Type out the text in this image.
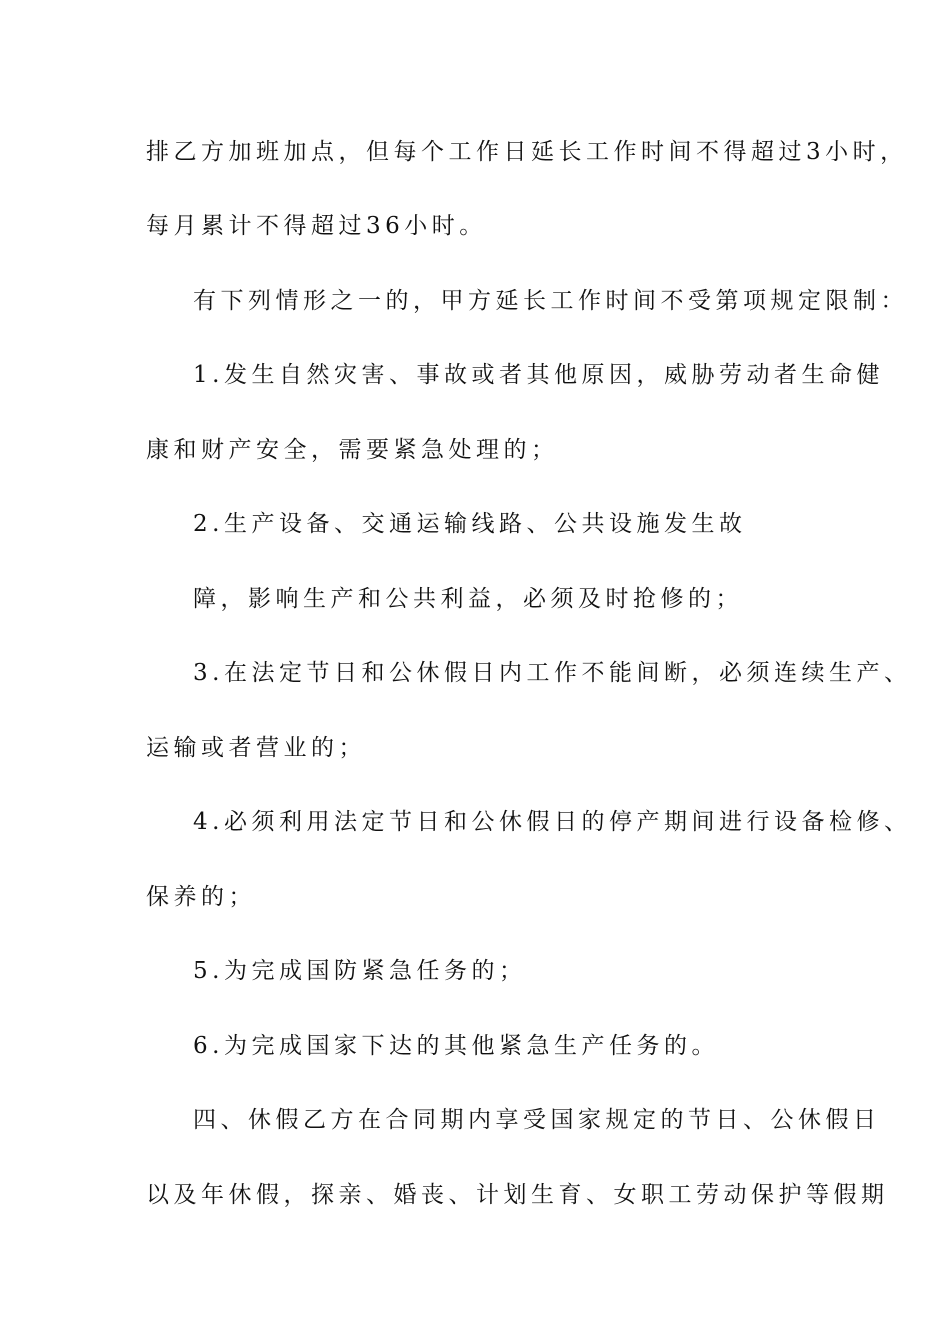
排乙方加班加点，但每个工作日延长工作时间不得超过3小时，
每月累计不得超过36小时。
有下列情形之一的，甲方延长工作时间不受第项规定限制：
1.发生自然灾害、事故或者其他原因，威胁劳动者生命健
康和财产安全，需要紧急处理的；
2.生产设备、交通运输线路、公共设施发生故
障，影响生产和公共利益，必须及时抢修的；
3.在法定节日和公休假日内工作不能间断，必须连续生产、
运输或者营业的；
4.必须利用法定节日和公休假日的停产期间进行设备检修、
保养的；
5.为完成国防紧急任务的；
6.为完成国家下达的其他紧急生产任务的。
四、休假乙方在合同期内享受国家规定的节日、公休假日
以及年休假，探亲、婚丧、计划生育、女职工劳动保护等假期
